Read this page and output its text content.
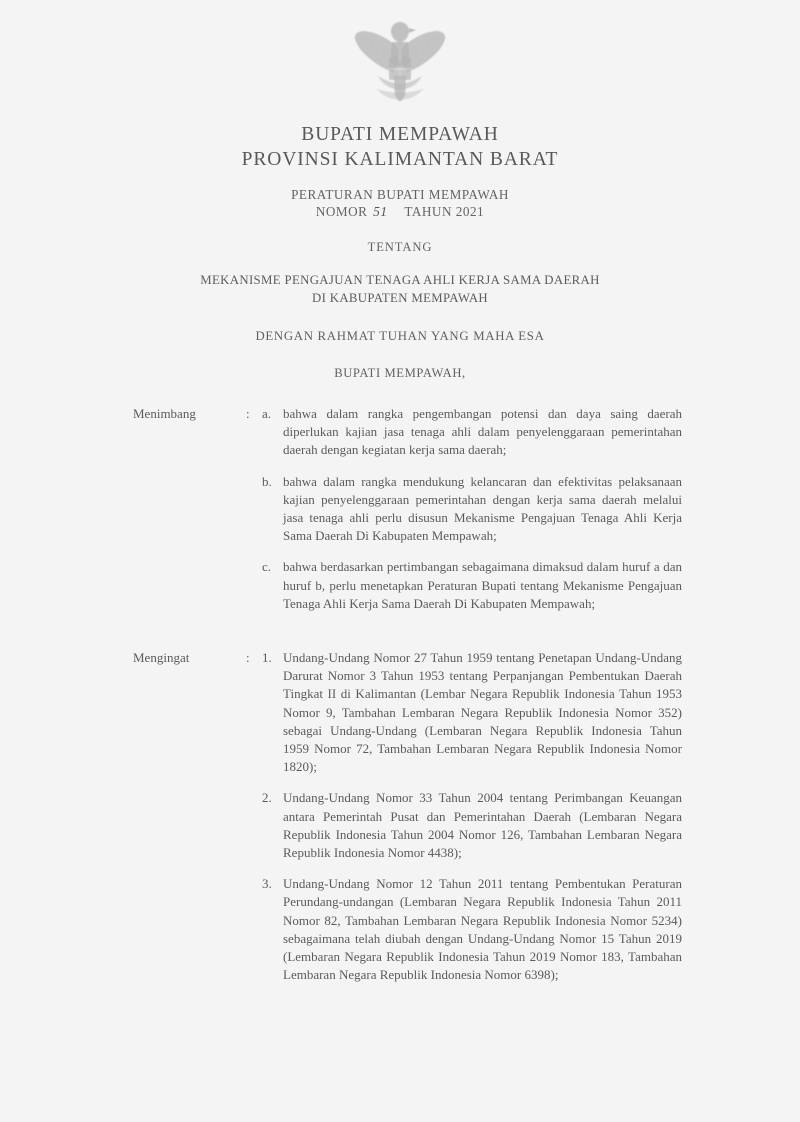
BUPATI MEMPAWAH
PROVINSI KALIMANTAN BARAT
PERATURAN BUPATI MEMPAWAH
NOMOR 51 TAHUN 2021
TENTANG
MEKANISME PENGAJUAN TENAGA AHLI KERJA SAMA DAERAH
DI KABUPATEN MEMPAWAH
DENGAN RAHMAT TUHAN YANG MAHA ESA
BUPATI MEMPAWAH,
Menimbang	: a. bahwa dalam rangka pengembangan potensi dan daya saing daerah diperlukan kajian jasa tenaga ahli dalam penyelenggaraan pemerintahan daerah dengan kegiatan kerja sama daerah;
b. bahwa dalam rangka mendukung kelancaran dan efektivitas pelaksanaan kajian penyelenggaraan pemerintahan dengan kerja sama daerah melalui jasa tenaga ahli perlu disusun Mekanisme Pengajuan Tenaga Ahli Kerja Sama Daerah Di Kabupaten Mempawah;
c. bahwa berdasarkan pertimbangan sebagaimana dimaksud dalam huruf a dan huruf b, perlu menetapkan Peraturan Bupati tentang Mekanisme Pengajuan Tenaga Ahli Kerja Sama Daerah Di Kabupaten Mempawah;
Mengingat	: 1. Undang-Undang Nomor 27 Tahun 1959 tentang Penetapan Undang-Undang Darurat Nomor 3 Tahun 1953 tentang Perpanjangan Pembentukan Daerah Tingkat II di Kalimantan (Lembar Negara Republik Indonesia Tahun 1953 Nomor 9, Tambahan Lembaran Negara Republik Indonesia Nomor 352) sebagai Undang-Undang (Lembaran Negara Republik Indonesia Tahun 1959 Nomor 72, Tambahan Lembaran Negara Republik Indonesia Nomor 1820);
2. Undang-Undang Nomor 33 Tahun 2004 tentang Perimbangan Keuangan antara Pemerintah Pusat dan Pemerintahan Daerah (Lembaran Negara Republik Indonesia Tahun 2004 Nomor 126, Tambahan Lembaran Negara Republik Indonesia Nomor 4438);
3. Undang-Undang Nomor 12 Tahun 2011 tentang Pembentukan Peraturan Perundang-undangan (Lembaran Negara Republik Indonesia Tahun 2011 Nomor 82, Tambahan Lembaran Negara Republik Indonesia Nomor 5234) sebagaimana telah diubah dengan Undang-Undang Nomor 15 Tahun 2019 (Lembaran Negara Republik Indonesia Tahun 2019 Nomor 183, Tambahan Lembaran Negara Republik Indonesia Nomor 6398);
